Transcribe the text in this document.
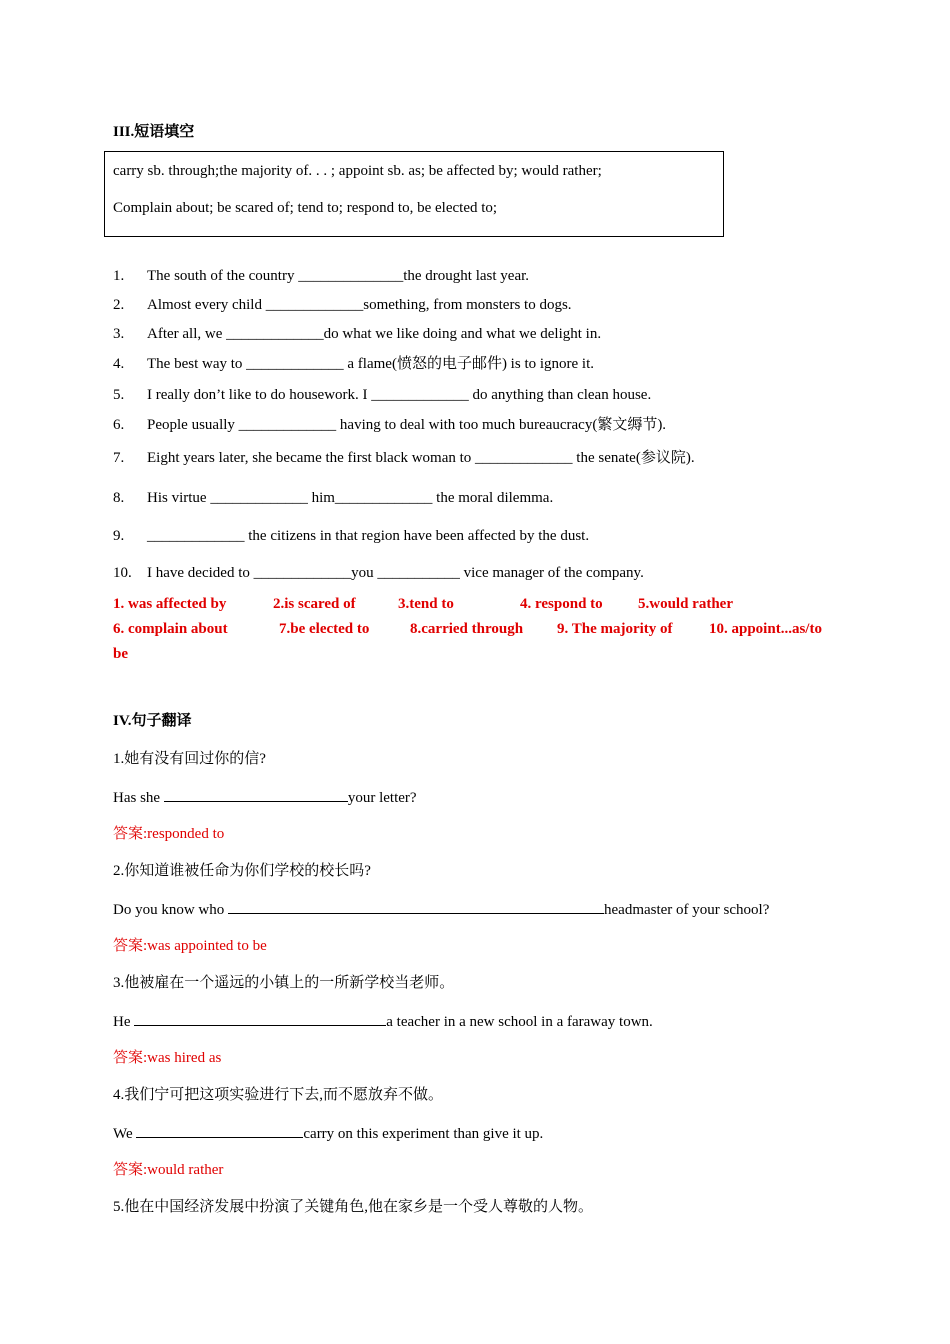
III.短语填空
carry sb. through;the majority of. . . ; appoint sb. as; be affected by; would rather;
Complain about; be scared of; tend to; respond to, be elected to;
1. The south of the country ______________the drought last year.
2. Almost every child _____________something, from monsters to dogs.
3. After all, we _____________do what we like doing and what we delight in.
4. The best way to _____________ a flame(愤怒的电子邮件) is to ignore it.
5. I really don’t like to do housework. I _____________ do anything than clean house.
6. People usually _____________ having to deal with too much bureaucracy(繁文缛节).
7. Eight years later, she became the first black woman to _____________ the senate(参议院).
8. His virtue _____________ him_____________ the moral dilemma.
9. _____________ the citizens in that region have been affected by the dust.
10. I have decided to _____________you ___________ vice manager of the company.
1. was affected by	2.is scared of	3.tend to	4. respond to 5.would rather
6. complain about	7.be elected to	8.carried through 9. The majority of 10. appoint...as/to
be
IV.句子翻译
1.她有没有回过你的信?
Has she	your letter?
答案:responded to
2.你知道谁被任命为你们学校的校长吗?
Do you know who	headmaster of your school?
答案:was appointed to be
3.他被雇在一个遥远的小镇上的一所新学校当老师。
He	a teacher in a new school in a faraway town.
答案:was hired as
4.我们宁可把这项实验进行下去,而不愿放弃不做。
We	carry on this experiment than give it up.
答案:would rather
5.他在中国经济发展中扮演了关键角色,他在家乡是一个受人尊敬的人物。
